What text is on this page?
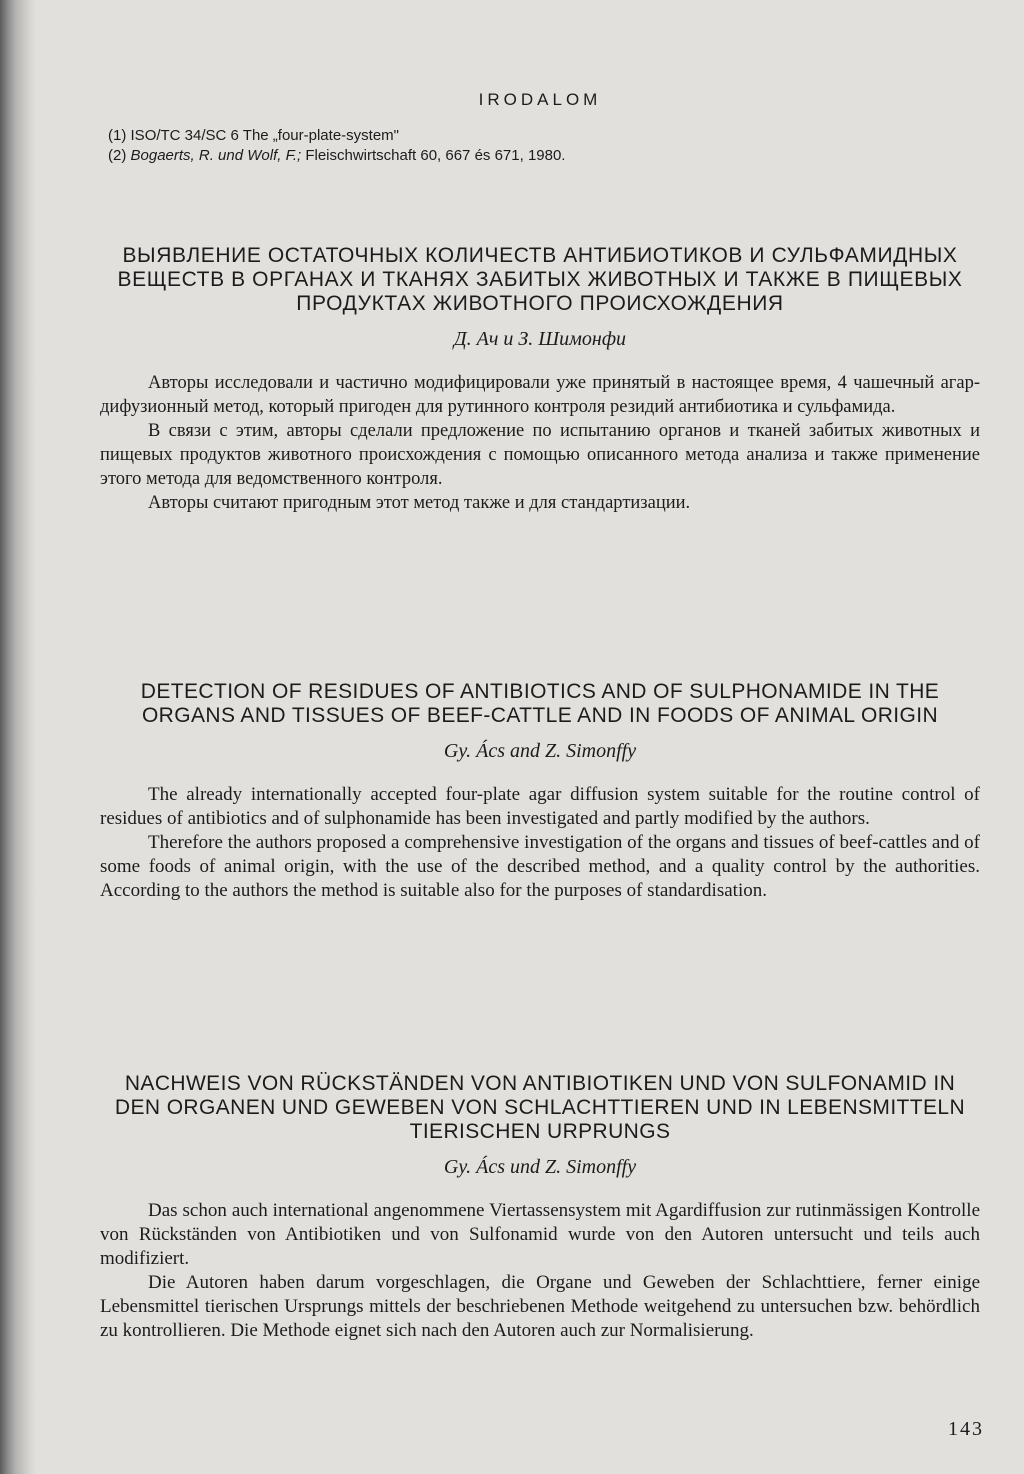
IRODALOM

(1) ISO/TC 34/SC 6 The „four-plate-system"

(2) Bogaerts, R. und Wolf, F.; Fleischwirtschaft 60, 667 és 671, 1980.

ВЫЯВЛЕНИЕ ОСТАТОЧНЫХ КОЛИЧЕСТВ АНТИБИОТИКОВ И СУЛЬФАМИДНЫХ ВЕЩЕСТВ В ОРГАНАХ И ТКАНЯХ ЗАБИТЫХ ЖИВОТНЫХ И ТАКЖЕ В ПИЩЕВЫХ ПРОДУКТАХ ЖИВОТНОГО ПРОИСХОЖДЕНИЯ
Д. Ач и З. Шимонфи

Авторы исследовали и частично модифицировали уже принятый в настоящее время, 4 чашечный агар-дифузионный метод, который пригоден для рутинного контроля резидий антибиотика и сульфамида.

В связи с этим, авторы сделали предложение по испытанию органов и тканей забитых животных и пищевых продуктов животного происхождения с помощью описанного метода анализа и также применение этого метода для ведомственного контроля.

Авторы считают пригодным этот метод также и для стандартизации.

DETECTION OF RESIDUES OF ANTIBIOTICS AND OF SULPHONAMIDE IN THE ORGANS AND TISSUES OF BEEF-CATTLE AND IN FOODS OF ANIMAL ORIGIN
Gy. Ács and Z. Simonffy

The already internationally accepted four-plate agar diffusion system suitable for the routine control of residues of antibiotics and of sulphonamide has been investigated and partly modified by the authors.

Therefore the authors proposed a comprehensive investigation of the organs and tissues of beef-cattles and of some foods of animal origin, with the use of the described method, and a quality control by the authorities. According to the authors the method is suitable also for the purposes of standardisation.

NACHWEIS VON RÜCKSTÄNDEN VON ANTIBIOTIKEN UND VON SULFONAMID IN DEN ORGANEN UND GEWEBEN VON SCHLACHTTIEREN UND IN LEBENSMITTELN TIERISCHEN URPRUNGS
Gy. Ács und Z. Simonffy

Das schon auch international angenommene Viertassensystem mit Agardiffusion zur rutinmässigen Kontrolle von Rückständen von Antibiotiken und von Sulfonamid wurde von den Autoren untersucht und teils auch modifiziert.

Die Autoren haben darum vorgeschlagen, die Organe und Geweben der Schlachttiere, ferner einige Lebensmittel tierischen Ursprungs mittels der beschriebenen Methode weitgehend zu untersuchen bzw. behördlich zu kontrollieren. Die Methode eignet sich nach den Autoren auch zur Normalisierung.

143
